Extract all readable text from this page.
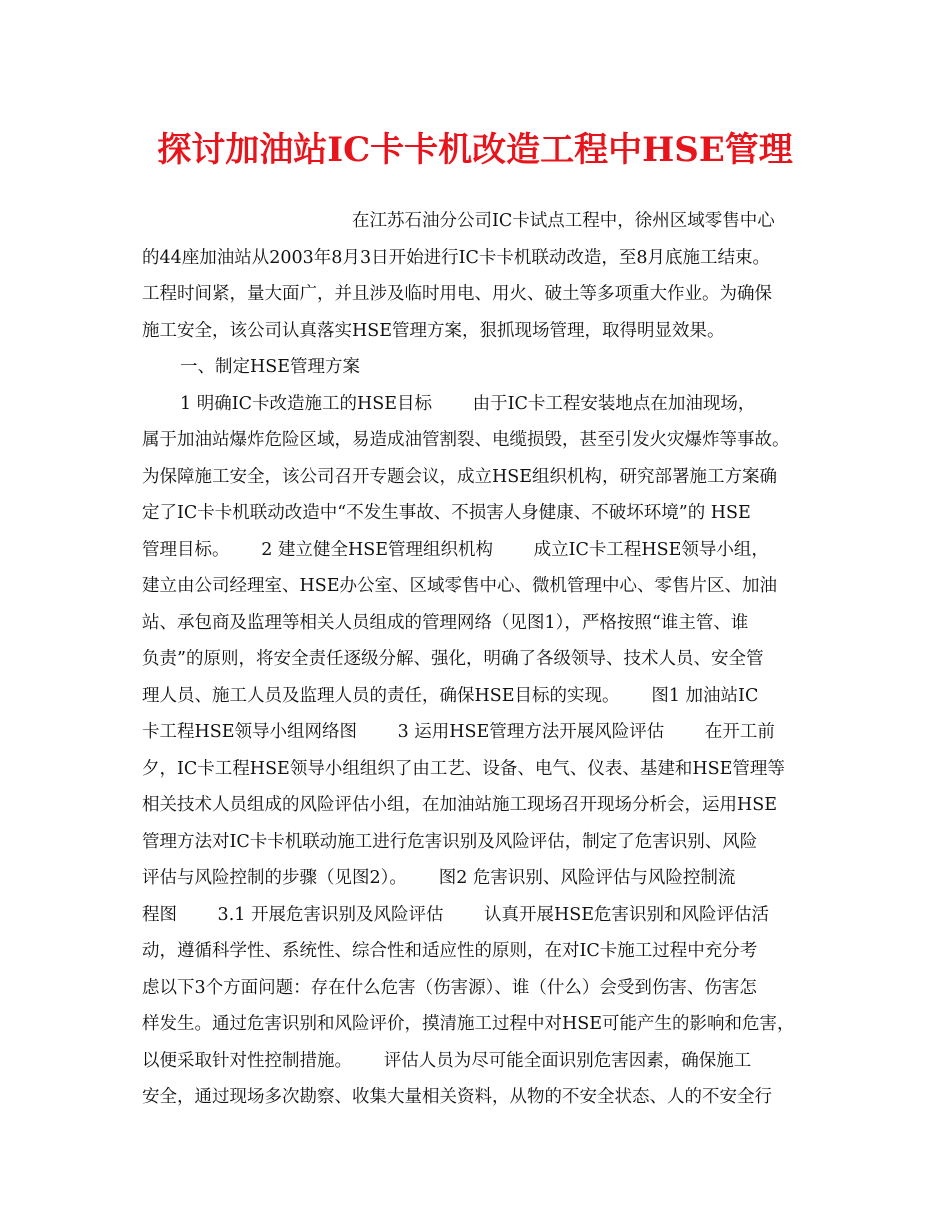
探讨加油站IC卡卡机改造工程中HSE管理
在江苏石油分公司IC卡试点工程中，徐州区域零售中心
的44座加油站从2003年8月3日开始进行IC卡卡机联动改造，至8月底施工结束。
工程时间紧，量大面广，并且涉及临时用电、用火、破土等多项重大作业。为确保
施工安全，该公司认真落实HSE管理方案，狠抓现场管理，取得明显效果。
一、制定HSE管理方案
1 明确IC卡改造施工的HSE目标　　 由于IC卡工程安装地点在加油现场，
属于加油站爆炸危险区域，易造成油管割裂、电缆损毁，甚至引发火灾爆炸等事故。
为保障施工安全，该公司召开专题会议，成立HSE组织机构，研究部署施工方案确
定了IC卡卡机联动改造中“不发生事故、不损害人身健康、不破坏环境”的 HSE
管理目标。　　 2 建立健全HSE管理组织机构　　 成立IC卡工程HSE领导小组，
建立由公司经理室、HSE办公室、区域零售中心、微机管理中心、零售片区、加油
站、承包商及监理等相关人员组成的管理网络（见图1），严格按照“谁主管、谁
负责”的原则，将安全责任逐级分解、强化，明确了各级领导、技术人员、安全管
理人员、施工人员及监理人员的责任，确保HSE目标的实现。　　 图1 加油站IC
卡工程HSE领导小组网络图　　 3 运用HSE管理方法开展风险评估　　 在开工前
夕，IC卡工程HSE领导小组组织了由工艺、设备、电气、仪表、基建和HSE管理等
相关技术人员组成的风险评估小组，在加油站施工现场召开现场分析会，运用HSE
管理方法对IC卡卡机联动施工进行危害识别及风险评估，制定了危害识别、风险
评估与风险控制的步骤（见图2）。　　 图2 危害识别、风险评估与风险控制流
程图　　 3.1 开展危害识别及风险评估　　 认真开展HSE危害识别和风险评估活
动，遵循科学性、系统性、综合性和适应性的原则，在对IC卡施工过程中充分考
虑以下3个方面问题：存在什么危害（伤害源）、谁（什么）会受到伤害、伤害怎
样发生。通过危害识别和风险评价，摸清施工过程中对HSE可能产生的影响和危害，
以便采取针对性控制措施。　　 评估人员为尽可能全面识别危害因素，确保施工
安全，通过现场多次勘察、收集大量相关资料，从物的不安全状态、人的不安全行
